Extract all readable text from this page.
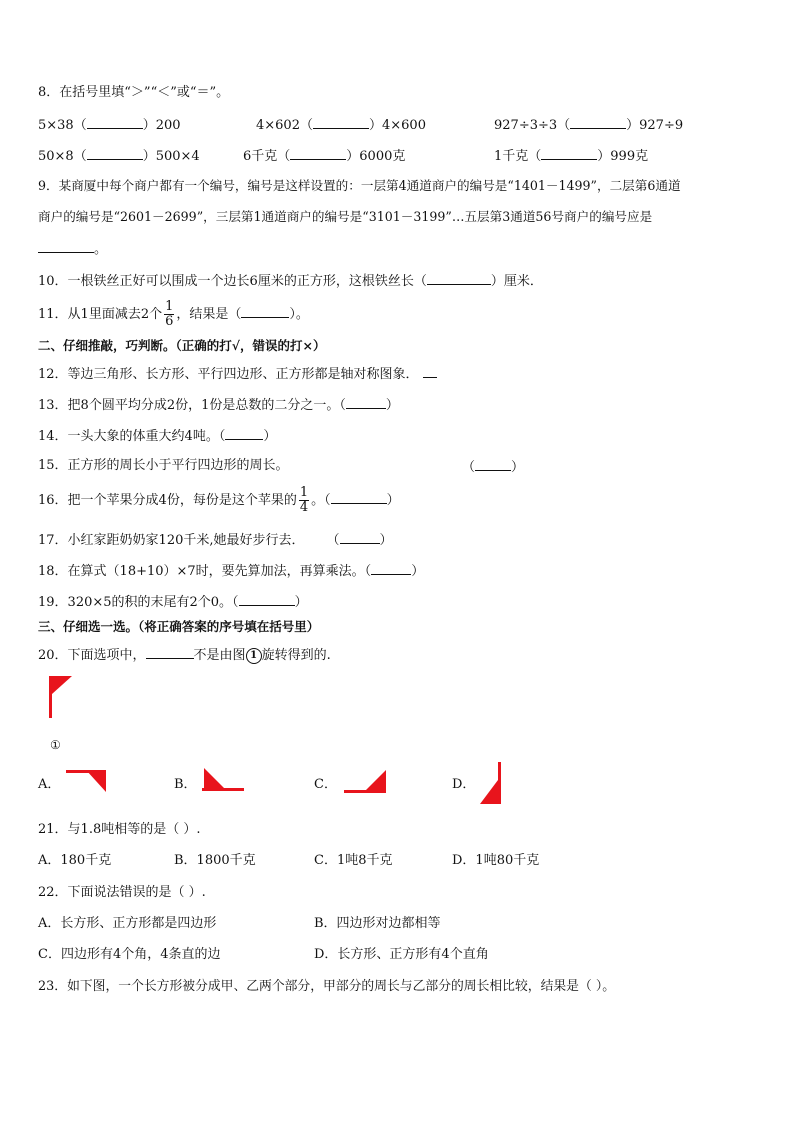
8．在括号里填“＞”“＜”或“＝”。
5×38（	）200	4×602（	）4×600	927÷3÷3（	）927÷9
50×8（	）500×4	6千克（	）6000克	1千克（	）999克
9．某商厦中每个商户都有一个编号，编号是这样设置的：一层第4通道商户的编号是“1401－1499”，二层第6通道
商户的编号是“2601－2699”，三层第1通道商户的编号是“3101－3199”…五层第3通道56号商户的编号应是
。
10．一根铁丝正好可以围成一个边长6厘米的正方形，这根铁丝长（	）厘米．
11．从1里面减去2个 $\frac{1}{6}$ ，结果是（	）。
二、仔细推敲，巧判断。（正确的打√，错误的打×）
12．等边三角形、长方形、平行四边形、正方形都是轴对称图象．
13．把8个圆平均分成2份，1份是总数的二分之一。（	）
14．一头大象的体重大约4吨。（	）
15．正方形的周长小于平行四边形的周长。	（	）
16．把一个苹果分成4份，每份是这个苹果的 $\frac{1}{4}$ 。（	）
17．小红家距奶奶家120千米,她最好步行去． （	）
18．在算式（18+10）×7时，要先算加法，再算乘法。（	）
19．320×5的积的末尾有2个0。（	）
三、仔细选一选。（将正确答案的序号填在括号里）
20．下面选项中，	不是由图 1 旋转得到的.
①
A．	B．	C．	D．
21．与1.8吨相等的是（ ）.
A．180千克	B．1800千克	C．1吨8千克	D．1吨80千克
22．下面说法错误的是（ ）.
A．长方形、正方形都是四边形	B．四边形对边都相等
C．四边形有4个角，4条直的边	D．长方形、正方形有4个直角
23．如下图，一个长方形被分成甲、乙两个部分，甲部分的周长与乙部分的周长相比较，结果是（ ）。
